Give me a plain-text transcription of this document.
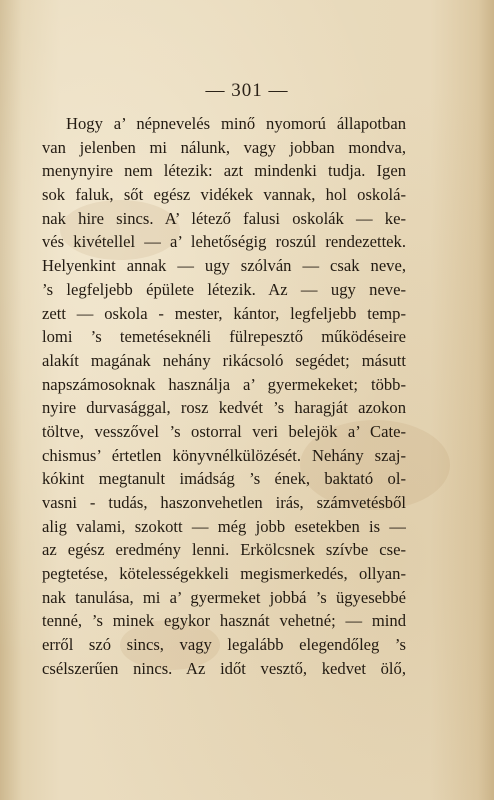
— 301 —
Hogy a’ népnevelés minő nyomorú állapotban
van jelenben mi nálunk, vagy jobban mondva,
menynyire nem létezik: azt mindenki tudja. Igen
sok faluk, sőt egész vidékek vannak, hol oskolá-
nak hire sincs. A’ létező falusi oskolák — ke-
vés kivétellel — a’ lehetőségig roszúl rendezettek.
Helyenkint annak — ugy szólván — csak neve,
’s legfeljebb épülete létezik. Az — ugy neve-
zett — oskola - mester, kántor, legfeljebb temp-
lomi ’s temetéseknéli fülrepesztő működéseire
alakít magának nehány rikácsoló segédet; másutt
napszámosoknak használja a’ gyermekeket; több-
nyire durvasággal, rosz kedvét ’s haragját azokon
töltve, vesszővel ’s ostorral veri belejök a’ Cate-
chismus’ értetlen könyvnélkülözését. Nehány szaj-
kókint megtanult imádság ’s ének, baktató ol-
vasni - tudás, haszonvehetlen irás, számvetésből
alig valami, szokott — még jobb esetekben is —
az egész eredmény lenni. Erkölcsnek szívbe cse-
pegtetése, kötelességekkeli megismerkedés, ollyan-
nak tanulása, mi a’ gyermeket jobbá ’s ügyesebbé
tenné, ’s minek egykor hasznát vehetné; — mind
erről szó sincs, vagy legalább elegendőleg ’s
csélszerűen nincs. Az időt vesztő, kedvet ölő,
